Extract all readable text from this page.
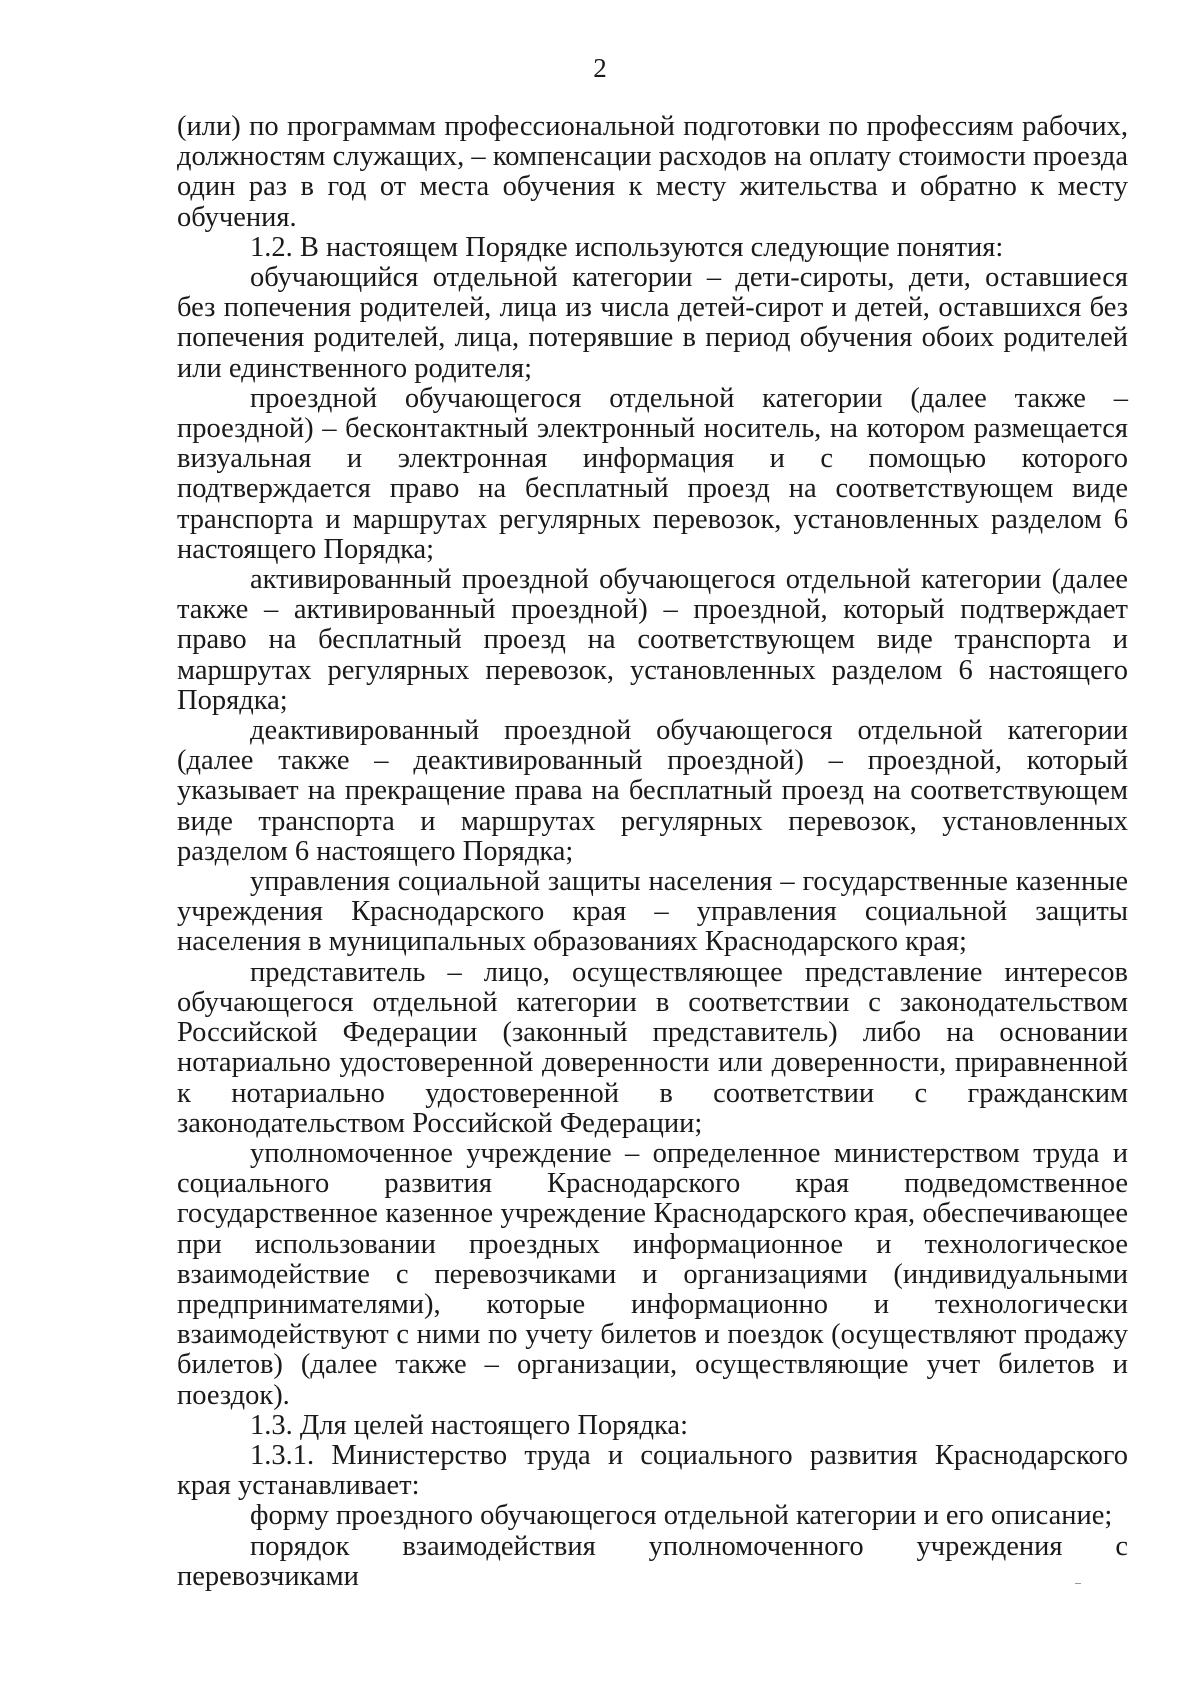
2

(или) по программам профессиональной подготовки по профессиям рабочих, должностям служащих, – компенсации расходов на оплату стоимости проезда один раз в год от места обучения к месту жительства и обратно к месту обучения.

1.2. В настоящем Порядке используются следующие понятия:

обучающийся отдельной категории – дети-сироты, дети, оставшиеся без попечения родителей, лица из числа детей-сирот и детей, оставшихся без попечения родителей, лица, потерявшие в период обучения обоих родителей или единственного родителя;

проездной обучающегося отдельной категории (далее также – проездной) – бесконтактный электронный носитель, на котором размещается визуальная и электронная информация и с помощью которого подтверждается право на бесплатный проезд на соответствующем виде транспорта и маршрутах регулярных перевозок, установленных разделом 6 настоящего Порядка;

активированный проездной обучающегося отдельной категории (далее также – активированный проездной) – проездной, который подтверждает право на бесплатный проезд на соответствующем виде транспорта и маршрутах регулярных перевозок, установленных разделом 6 настоящего Порядка;

деактивированный проездной обучающегося отдельной категории (далее также – деактивированный проездной) – проездной, который указывает на прекращение права на бесплатный проезд на соответствующем виде транспорта и маршрутах регулярных перевозок, установленных разделом 6 настоящего Порядка;

управления социальной защиты населения – государственные казенные учреждения Краснодарского края – управления социальной защиты населения в муниципальных образованиях Краснодарского края;

представитель – лицо, осуществляющее представление интересов обучающегося отдельной категории в соответствии с законодательством Российской Федерации (законный представитель) либо на основании нотариально удостоверенной доверенности или доверенности, приравненной к нотариально удостоверенной в соответствии с гражданским законодательством Российской Федерации;

уполномоченное учреждение – определенное министерством труда и социального развития Краснодарского края подведомственное государственное казенное учреждение Краснодарского края, обеспечивающее при использовании проездных информационное и технологическое взаимодействие с перевозчиками и организациями (индивидуальными предпринимателями), которые информационно и технологически взаимодействуют с ними по учету билетов и поездок (осуществляют продажу билетов) (далее также – организации, осуществляющие учет билетов и поездок).

1.3. Для целей настоящего Порядка:

1.3.1. Министерство труда и социального развития Краснодарского края устанавливает:

форму проездного обучающегося отдельной категории и его описание;

порядок взаимодействия уполномоченного учреждения с перевозчиками
